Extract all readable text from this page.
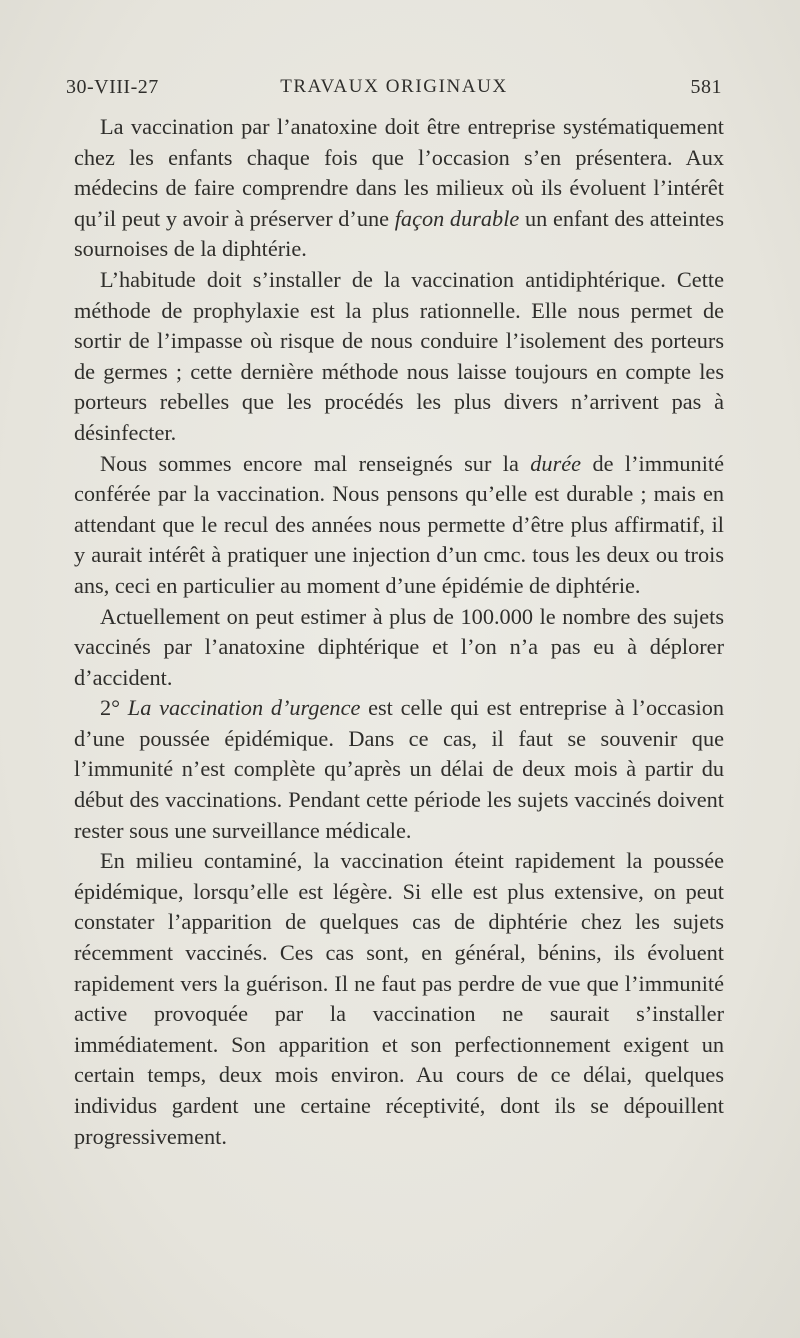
30-VIII-27	TRAVAUX ORIGINAUX	581

La vaccination par l’anatoxine doit être entreprise systématiquement chez les enfants chaque fois que l’occasion s’en présentera. Aux médecins de faire comprendre dans les milieux où ils évoluent l’intérêt qu’il peut y avoir à préserver d’une façon durable un enfant des atteintes sournoises de la diphtérie.

L’habitude doit s’installer de la vaccination antidiphtérique. Cette méthode de prophylaxie est la plus rationnelle. Elle nous permet de sortir de l’impasse où risque de nous conduire l’isolement des porteurs de germes ; cette dernière méthode nous laisse toujours en compte les porteurs rebelles que les procédés les plus divers n’arrivent pas à désinfecter.

Nous sommes encore mal renseignés sur la durée de l’immunité conférée par la vaccination. Nous pensons qu’elle est durable ; mais en attendant que le recul des années nous permette d’être plus affirmatif, il y aurait intérêt à pratiquer une injection d’un cmc. tous les deux ou trois ans, ceci en particulier au moment d’une épidémie de diphtérie.

Actuellement on peut estimer à plus de 100.000 le nombre des sujets vaccinés par l’anatoxine diphtérique et l’on n’a pas eu à déplorer d’accident.

2° La vaccination d’urgence est celle qui est entreprise à l’occasion d’une poussée épidémique. Dans ce cas, il faut se souvenir que l’immunité n’est complète qu’après un délai de deux mois à partir du début des vaccinations. Pendant cette période les sujets vaccinés doivent rester sous une surveillance médicale.

En milieu contaminé, la vaccination éteint rapidement la poussée épidémique, lorsqu’elle est légère. Si elle est plus extensive, on peut constater l’apparition de quelques cas de diphtérie chez les sujets récemment vaccinés. Ces cas sont, en général, bénins, ils évoluent rapidement vers la guérison. Il ne faut pas perdre de vue que l’immunité active provoquée par la vaccination ne saurait s’installer immédiatement. Son apparition et son perfectionnement exigent un certain temps, deux mois environ. Au cours de ce délai, quelques individus gardent une certaine réceptivité, dont ils se dépouillent progressivement.
